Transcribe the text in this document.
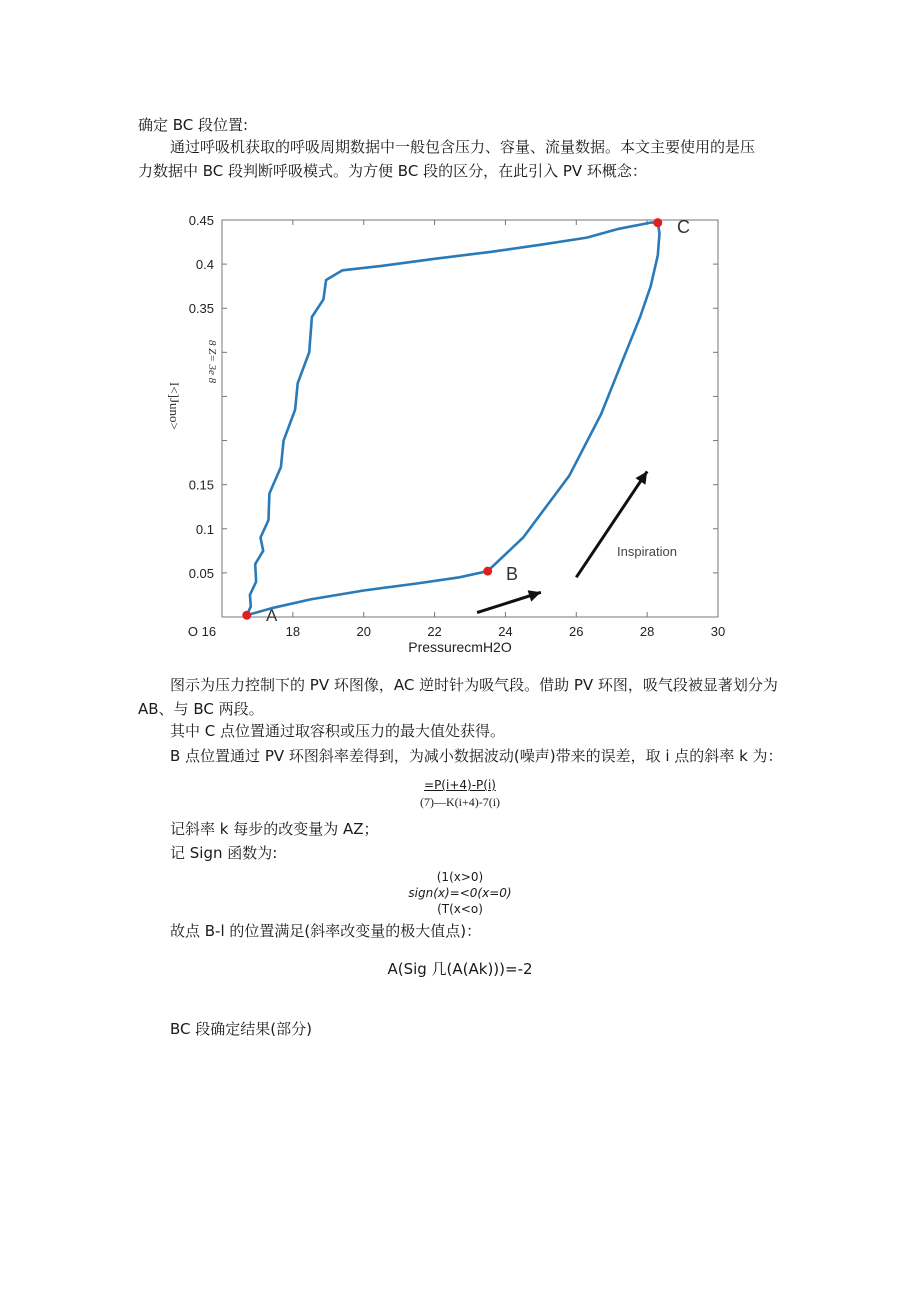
确定 BC 段位置:
通过呼吸机获取的呼吸周期数据中一般包含压力、容量、流量数据。本文主要使用的是压
力数据中 BC 段判断呼吸模式。为方便 BC 段的区分，在此引入 PV 环概念：
O 16	18	20	22	24	26	28	30
0.45
0.4
0.35
0.15
0.1
0.05
Inspiration
A
B
C
PressurecmH2O
I<]Juno>
8 Z= 3e 8
图示为压力控制下的 PV 环图像，AC 逆时针为吸气段。借助 PV 环图，吸气段被显著划分为
AB、与 BC 两段。
其中 C 点位置通过取容积或压力的最大值处获得。
B 点位置通过 PV 环图斜率差得到，为减小数据波动(噪声)带来的误差，取 i 点的斜率 k 为：
=P(i+4)-P(i)
(7)—K(i+4)-7(i)
记斜率 k 每步的改变量为 AZ；
记 Sign 函数为:
(1(x>0)
sign(x)=<0(x=0)
(T(x<o)
故点 B-l 的位置满足(斜率改变量的极大值点)：
A(Sig 几(A(Ak)))=-2
BC 段确定结果(部分)
